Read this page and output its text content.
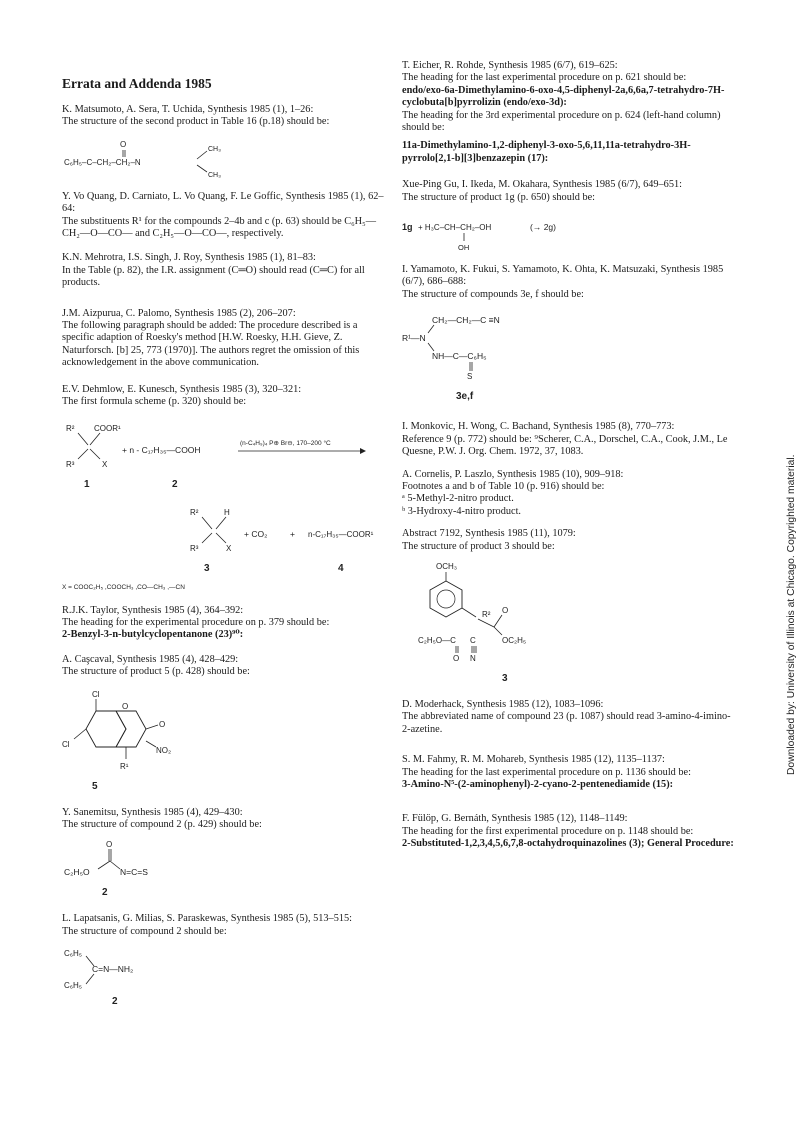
Errata and Addenda 1985

K. Matsumoto, A. Sera, T. Uchida, Synthesis 1985 (1), 1–26:

The structure of the second product in Table 16 (p.18) should be:

O
C₆H₅–C–CH₂–CH₂–N
CH₃
CH₃

Y. Vo Quang, D. Carniato, L. Vo Quang, F. Le Goffic, Synthesis 1985 (1), 62–64:

The substituents R¹ for the compounds 2–4b and c (p. 63) should be C₆H₅—CH₂—O—CO— and C₂H₅—O—CO—, respectively.

K.N. Mehrotra, I.S. Singh, J. Roy, Synthesis 1985 (1), 81–83:

In the Table (p. 82), the I.R. assignment (C═O) should read (C═C) for all products.

J.M. Aizpurua, C. Palomo, Synthesis 1985 (2), 206–207:

The following paragraph should be added: The procedure described is a specific adaption of Roesky's method [H.W. Roesky, H.H. Gieve, Z. Naturforsch. [b] 25, 773 (1970)]. The authors regret the omission of this acknowledgement in the above communication.

E.V. Dehmlow, E. Kunesch, Synthesis 1985 (3), 320–321:

The first formula scheme (p. 320) should be:

R² COOR¹
R³	X
+ n - C₁₇H₃₅—COOH
(n-C₄H₉)₄ P⊕ Br⊖, 170–200 °C
1	2
R²	H
R³	X
+ CO₂	+ n-C₁₇H₃₅—COOR¹
3	4
X = COOC₂H₅ ,COOCH₃ ,CO—CH₃ ,—CN

R.J.K. Taylor, Synthesis 1985 (4), 364–392:

The heading for the experimental procedure on p. 379 should be:

2-Benzyl-3-n-butylcyclopentanone (23)⁹⁰:

A. Caşcaval, Synthesis 1985 (4), 428–429:

The structure of product 5 (p. 428) should be:

Cl
O
O
Cl
NO₂
R¹
5

Y. Sanemitsu, Synthesis 1985 (4), 429–430:

The structure of compound 2 (p. 429) should be:

O
C₂H₅O	N=C=S
2

L. Lapatsanis, G. Milias, S. Paraskewas, Synthesis 1985 (5), 513–515:

The structure of compound 2 should be:

C₆H₅
C=N—NH₂
C₆H₅
2

T. Eicher, R. Rohde, Synthesis 1985 (6/7), 619–625:

The heading for the last experimental procedure on p. 621 should be:

endo/exo-6a-Dimethylamino-6-oxo-4,5-diphenyl-2a,6,6a,7-tetrahydro-7H-cyclobuta[b]pyrrolizin (endo/exo-3d):

The heading for the 3rd experimental procedure on p. 624 (left-hand column) should be:

11a-Dimethylamino-1,2-diphenyl-3-oxo-5,6,11,11a-tetrahydro-3H-pyrrolo[2,1-b][3]benzazepin (17):

Xue-Ping Gu, I. Ikeda, M. Okahara, Synthesis 1985 (6/7), 649–651:

The structure of product 1g (p. 650) should be:

1g + H₃C–CH–CH₂–OH	(→ 2g)
OH

I. Yamamoto, K. Fukui, S. Yamamoto, K. Ohta, K. Matsuzaki, Synthesis 1985 (6/7), 686–688:

The structure of compounds 3e, f should be:

CH₂—CH₂—C ≡N
R¹—N
NH—C—C₆H₅
S
3e,f

I. Monkovic, H. Wong, C. Bachand, Synthesis 1985 (8), 770–773:

Reference 9 (p. 772) should be: ⁹Scherer, C.A., Dorschel, C.A., Cook, J.M., Le Quesne, P.W. J. Org. Chem. 1972, 37, 1083.

A. Cornelis, P. Laszlo, Synthesis 1985 (10), 909–918:

Footnotes a and b of Table 10 (p. 916) should be:

ᵃ 5-Methyl-2-nitro product.

ᵇ 3-Hydroxy-4-nitro product.

Abstract 7192, Synthesis 1985 (11), 1079:

The structure of product 3 should be:

OCH₃
R² O
OC₂H₅
C₂H₅O—C C
O N
3

D. Moderhack, Synthesis 1985 (12), 1083–1096:

The abbreviated name of compound 23 (p. 1087) should read 3-amino-4-imino-2-azetine.

S. M. Fahmy, R. M. Mohareb, Synthesis 1985 (12), 1135–1137:

The heading for the last experimental procedure on p. 1136 should be:

3-Amino-N⁵-(2-aminophenyl)-2-cyano-2-pentenediamide (15):

F. Fülöp, G. Bernáth, Synthesis 1985 (12), 1148–1149:

The heading for the first experimental procedure on p. 1148 should be:

2-Substituted-1,2,3,4,5,6,7,8-octahydroquinazolines (3); General Procedure:

Downloaded by: University of Illinois at Chicago. Copyrighted material.
